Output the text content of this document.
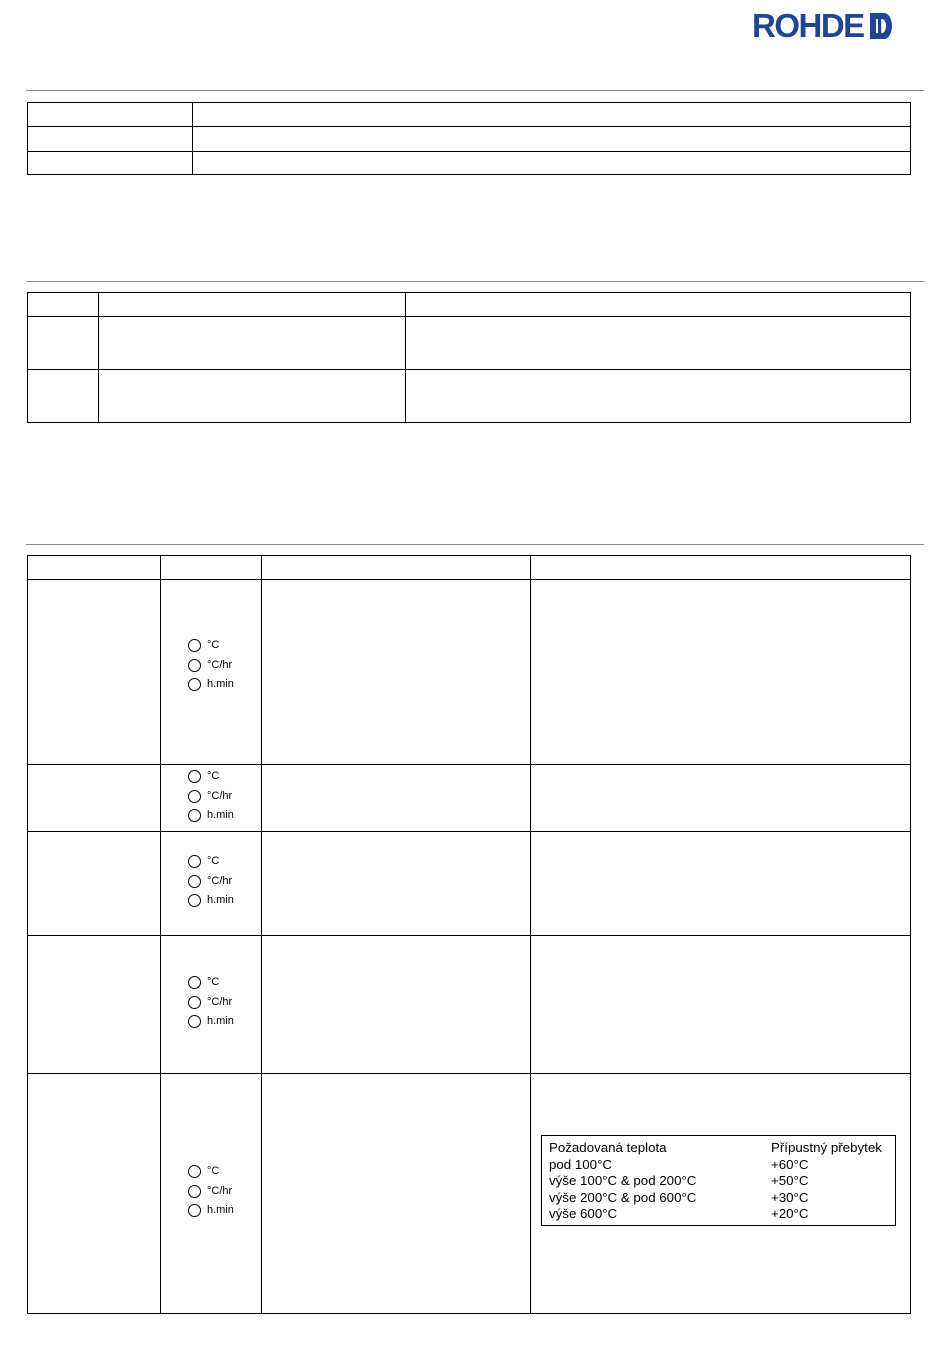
ROHDE

	°C
°C/hr
h.min		

	°C
°C/hr
h.min		

	°C
°C/hr
h.min		

	°C
°C/hr
h.min		

	°C
°C/hr
h.min		

Požadovaná teplota	Přípustný přebytek
pod 100°C	+60°C
výše 100°C & pod 200°C	+50°C
výše 200°C & pod 600°C	+30°C
výše 600°C	+20°C
